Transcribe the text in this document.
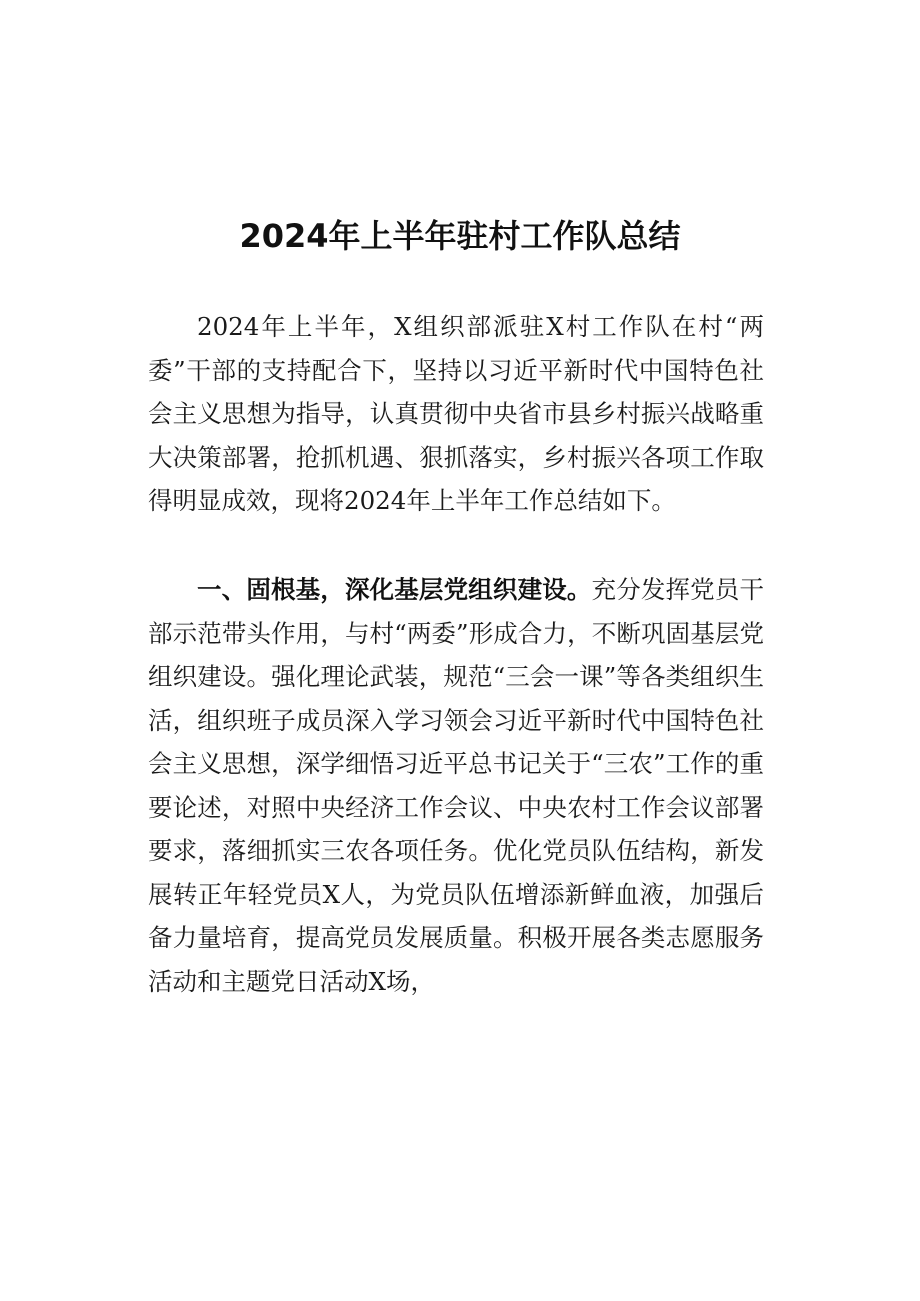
2024年上半年驻村工作队总结

2024年上半年，X组织部派驻X村工作队在村“两委”干部的支持配合下，坚持以习近平新时代中国特色社会主义思想为指导，认真贯彻中央省市县乡村振兴战略重大决策部署，抢抓机遇、狠抓落实，乡村振兴各项工作取得明显成效，现将2024年上半年工作总结如下。

一、固根基，深化基层党组织建设。充分发挥党员干部示范带头作用，与村“两委”形成合力，不断巩固基层党组织建设。强化理论武装，规范“三会一课”等各类组织生活，组织班子成员深入学习领会习近平新时代中国特色社会主义思想，深学细悟习近平总书记关于“三农”工作的重要论述，对照中央经济工作会议、中央农村工作会议部署要求，落细抓实三农各项任务。优化党员队伍结构，新发展转正年轻党员X人，为党员队伍增添新鲜血液，加强后备力量培育，提高党员发展质量。积极开展各类志愿服务活动和主题党日活动X场，
